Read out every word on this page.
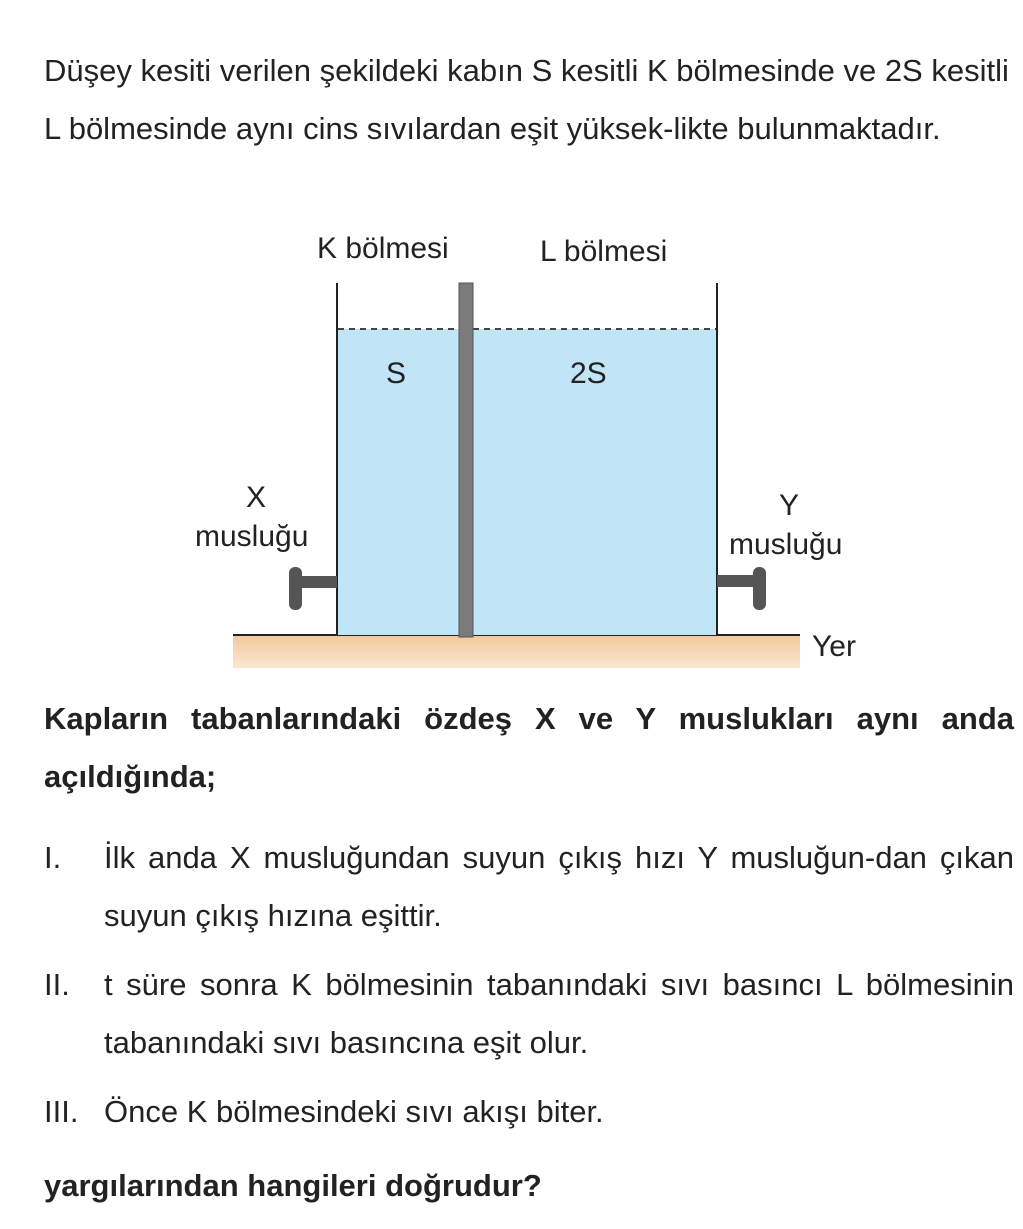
Düşey kesiti verilen şekildeki kabın S kesitli K bölmesinde ve 2S kesitli L bölmesinde aynı cins sıvılardan eşit yüksek-likte bulunmaktadır.
K bölmesi	L bölmesi
S	2S
X
musluğu
Y
musluğu
Yer
Kapların tabanlarındaki özdeş X ve Y muslukları aynı anda açıldığında;
I. İlk anda X musluğundan suyun çıkış hızı Y musluğun-dan çıkan suyun çıkış hızına eşittir.
II. t süre sonra K bölmesinin tabanındaki sıvı basıncı L bölmesinin tabanındaki sıvı basıncına eşit olur.
III. Önce K bölmesindeki sıvı akışı biter.
yargılarından hangileri doğrudur?
